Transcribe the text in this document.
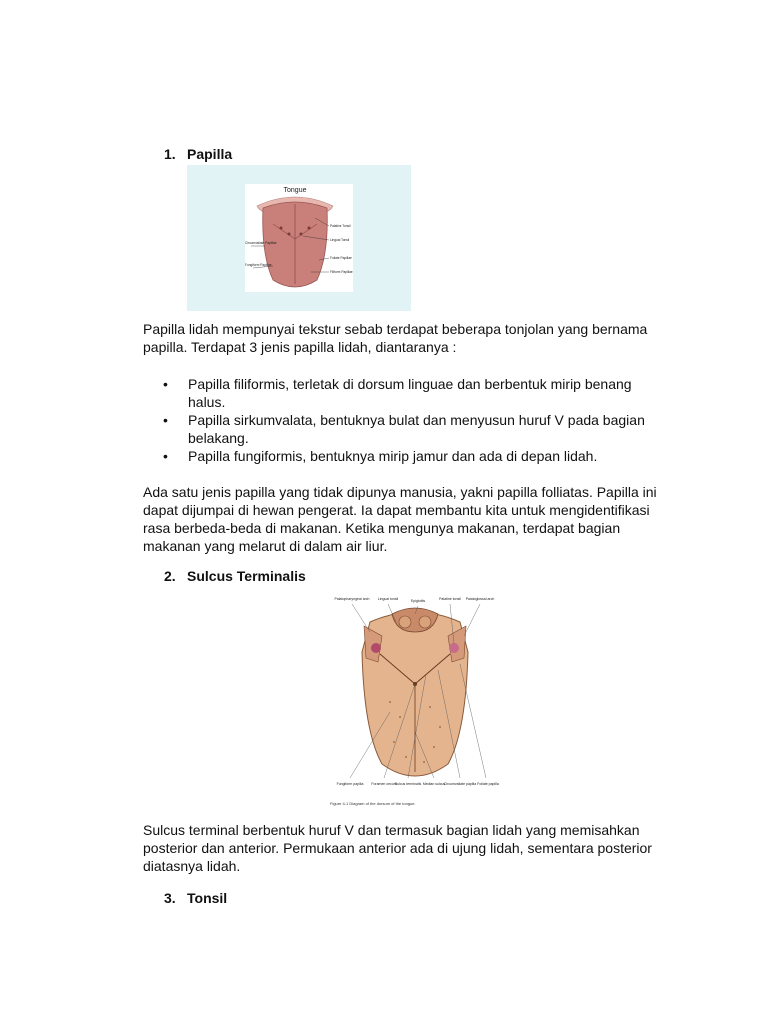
1. Papilla
Tongue
Palatine Tonsil
Lingual Tonsil
Circumvallate Papillae
Foliate Papillae
Fungiform Papillae
Filiform Papillae

Papilla lidah mempunyai tekstur sebab terdapat beberapa tonjolan yang bernama papilla. Terdapat 3 jenis papilla lidah, diantaranya :

• Papilla filiformis, terletak di dorsum linguae dan berbentuk mirip benang halus.
• Papilla sirkumvalata, bentuknya bulat dan menyusun huruf V pada bagian belakang.
• Papilla fungiformis, bentuknya mirip jamur dan ada di depan lidah.

Ada satu jenis papilla yang tidak dipunya manusia, yakni papilla folliatas. Papilla ini dapat dijumpai di hewan pengerat. Ia dapat membantu kita untuk mengidentifikasi rasa berbeda-beda di makanan. Ketika mengunya makanan, terdapat bagian makanan yang melarut di dalam air liur.

2. Sulcus Terminalis
Palatopharyngeal arch Lingual tonsil	Epiglottis	Palatine tonsil Palatoglossal arch
Fungiform papilla Foramen cecum
Sulcus terminalis Median sulcus
Circumvallate papilla Foliate papilla
Figure 4-1 Diagram of the dorsum of the tongue.

Sulcus terminal berbentuk huruf V dan termasuk bagian lidah yang memisahkan posterior dan anterior. Permukaan anterior ada di ujung lidah, sementara posterior diatasnya lidah.

3. Tonsil
